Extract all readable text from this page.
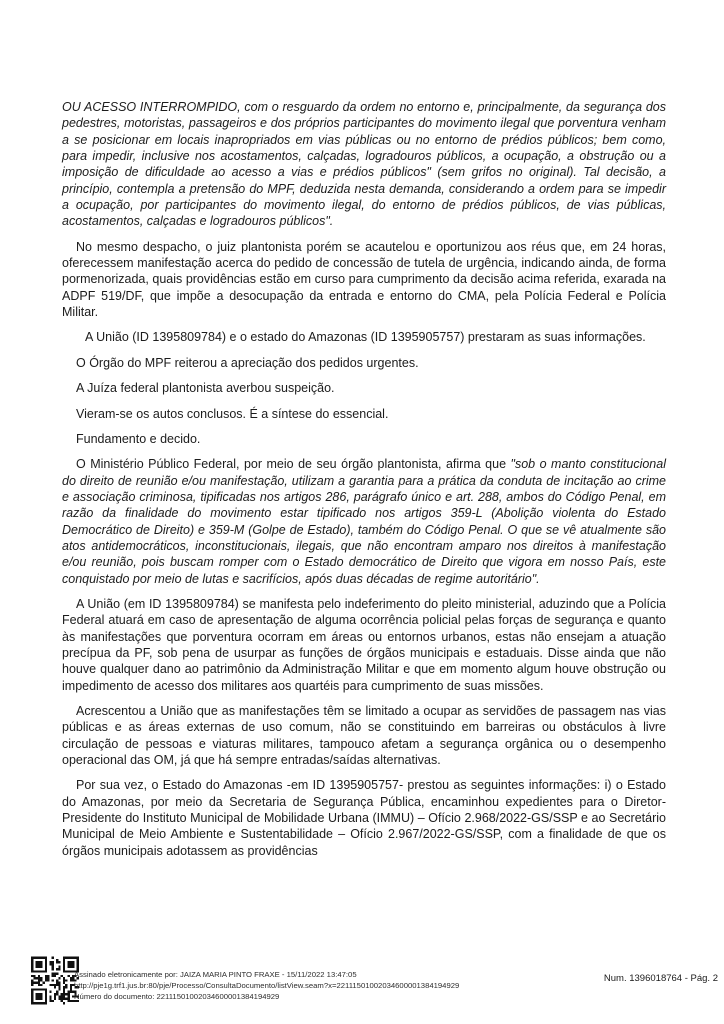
OU ACESSO INTERROMPIDO, com o resguardo da ordem no entorno e, principalmente, da segurança dos pedestres, motoristas, passageiros e dos próprios participantes do movimento ilegal que porventura venham a se posicionar em locais inapropriados em vias públicas ou no entorno de prédios públicos; bem como, para impedir, inclusive nos acostamentos, calçadas, logradouros públicos, a ocupação, a obstrução ou a imposição de dificuldade ao acesso a vias e prédios públicos" (sem grifos no original). Tal decisão, a princípio, contempla a pretensão do MPF, deduzida nesta demanda, considerando a ordem para se impedir a ocupação, por participantes do movimento ilegal, do entorno de prédios públicos, de vias públicas, acostamentos, calçadas e logradouros públicos".

No mesmo despacho, o juiz plantonista porém se acautelou e oportunizou aos réus que, em 24 horas, oferecessem manifestação acerca do pedido de concessão de tutela de urgência, indicando ainda, de forma pormenorizada, quais providências estão em curso para cumprimento da decisão acima referida, exarada na ADPF 519/DF, que impõe a desocupação da entrada e entorno do CMA, pela Polícia Federal e Polícia Militar.

A União (ID 1395809784) e o estado do Amazonas (ID 1395905757) prestaram as suas informações.

O Órgão do MPF reiterou a apreciação dos pedidos urgentes.

A Juíza federal plantonista averbou suspeição.

Vieram-se os autos conclusos. É a síntese do essencial.

Fundamento e decido.

O Ministério Público Federal, por meio de seu órgão plantonista, afirma que "sob o manto constitucional do direito de reunião e/ou manifestação, utilizam a garantia para a prática da conduta de incitação ao crime e associação criminosa, tipificadas nos artigos 286, parágrafo único e art. 288, ambos do Código Penal, em razão da finalidade do movimento estar tipificado nos artigos 359-L (Abolição violenta do Estado Democrático de Direito) e 359-M (Golpe de Estado), também do Código Penal. O que se vê atualmente são atos antidemocráticos, inconstitucionais, ilegais, que não encontram amparo nos direitos à manifestação e/ou reunião, pois buscam romper com o Estado democrático de Direito que vigora em nosso País, este conquistado por meio de lutas e sacrifícios, após duas décadas de regime autoritário".

A União (em ID 1395809784) se manifesta pelo indeferimento do pleito ministerial, aduzindo que a Polícia Federal atuará em caso de apresentação de alguma ocorrência policial pelas forças de segurança e quanto às manifestações que porventura ocorram em áreas ou entornos urbanos, estas não ensejam a atuação precípua da PF, sob pena de usurpar as funções de órgãos municipais e estaduais. Disse ainda que não houve qualquer dano ao patrimônio da Administração Militar e que em momento algum houve obstrução ou impedimento de acesso dos militares aos quartéis para cumprimento de suas missões.

Acrescentou a União que as manifestações têm se limitado a ocupar as servidões de passagem nas vias públicas e as áreas externas de uso comum, não se constituindo em barreiras ou obstáculos à livre circulação de pessoas e viaturas militares, tampouco afetam a segurança orgânica ou o desempenho operacional das OM, já que há sempre entradas/saídas alternativas.

Por sua vez, o Estado do Amazonas -em ID 1395905757- prestou as seguintes informações: i) o Estado do Amazonas, por meio da Secretaria de Segurança Pública, encaminhou expedientes para o Diretor-Presidente do Instituto Municipal de Mobilidade Urbana (IMMU) – Ofício 2.968/2022-GS/SSP e ao Secretário Municipal de Meio Ambiente e Sustentabilidade – Ofício 2.967/2022-GS/SSP, com a finalidade de que os órgãos municipais adotassem as providências

Assinado eletronicamente por: JAIZA MARIA PINTO FRAXE - 15/11/2022 13:47:05
http://pje1g.trf1.jus.br:80/pje/Processo/ConsultaDocumento/listView.seam?x=22111501002034600001384194929
Número do documento: 22111501002034600001384194929
Num. 1396018764 - Pág. 2
